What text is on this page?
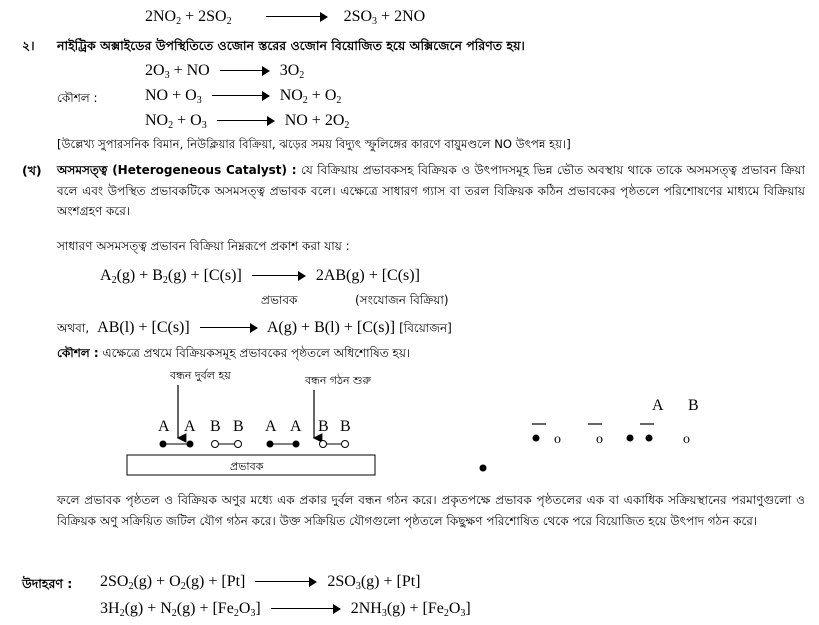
$2NO_2 + 2SO_2$	$2SO_3 + 2NO$
২। নাইট্রিক অক্সাইডের উপস্থিতিতে ওজোন স্তরের ওজোন বিয়োজিত হয়ে অক্সিজেনে পরিণত হয়।
$2O_3$ + NO	$3O_2$
কৌশল :	NO + $O_3$	$NO_2 + O_2$
$NO_2 + O_3$	NO + $2O_2$
[উল্লেখ্য সুপারসনিক বিমান, নিউক্লিয়ার বিক্রিয়া, ঝড়ের সময় বিদ্যুৎ স্ফুলিঙ্গের কারণে বায়ুমণ্ডলে NO উৎপন্ন হয়।]
(খ) অসমসত্ত্ব (Heterogeneous Catalyst) : যে বিক্রিয়ায় প্রভাবকসহ বিক্রিয়ক ও উৎপাদসমূহ ভিন্ন ভৌত অবস্থায় থাকে তাকে অসমসত্ত্ব প্রভাবন ক্রিয়া বলে এবং উপস্থিত প্রভাবকটিকে অসমসত্ত্ব প্রভাবক বলে। এক্ষেত্রে সাধারণ গ্যাস বা তরল বিক্রিয়ক কঠিন প্রভাবকের পৃষ্ঠতলে পরিশোষণের মাধ্যমে বিক্রিয়ায় অংশগ্রহণ করে।
সাধারণ অসমসত্ত্ব প্রভাবন বিক্রিয়া নিম্নরূপে প্রকাশ করা যায় :
$A_2(g) + B_2(g) + [C(s)]$	2AB(g) + [C(s)]
প্রভাবক	(সংযোজন বিক্রিয়া)
অথবা, AB(l) + [C(s)]	A(g) + B(l) + [C(s)] [বিয়োজন]
কৌশল : এক্ষেত্রে প্রথমে বিক্রিয়কসমূহ প্রভাবকের পৃষ্ঠতলে অধিশোষিত হয়।
বন্ধন দুর্বল হয়	বন্ধন গঠন শুরু
A A B B A A B B
প্রভাবক
A B
o	o	o
ফলে প্রভাবক পৃষ্ঠতল ও বিক্রিয়ক অণুর মধ্যে এক প্রকার দুর্বল বন্ধন গঠন করে। প্রকৃতপক্ষে প্রভাবক পৃষ্ঠতলের এক বা একাধিক সক্রিয়স্থানের পরমাণুগুলো ও বিক্রিয়ক অণু সক্রিয়িত জটিল যৌগ গঠন করে। উক্ত সক্রিয়িত যৌগগুলো পৃষ্ঠতলে কিছুক্ষণ পরিশোষিত থেকে পরে বিয়োজিত হয়ে উৎপাদ গঠন করে।
উদাহরণ : $2SO_2(g) + O_2(g) + [Pt]$	$2SO_3(g) + [Pt]$
$3H_2(g) + N_2(g) + [Fe_2O_3]$	$2NH_3(g) + [Fe_2O_3]$
